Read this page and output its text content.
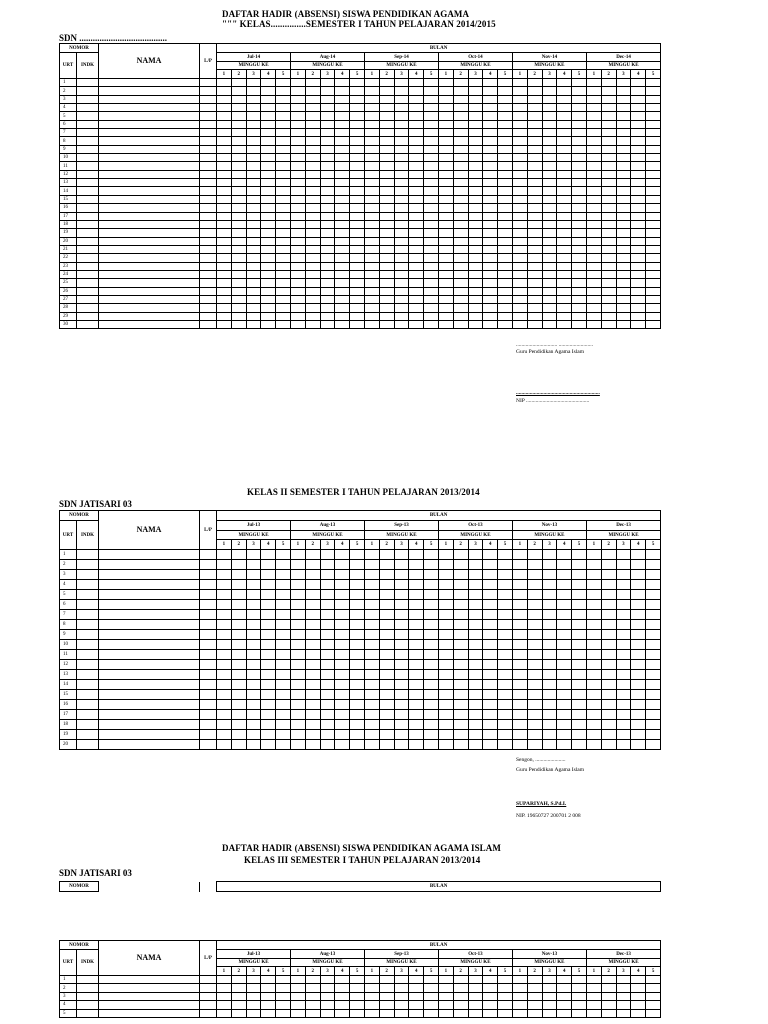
DAFTAR HADIR (ABSENSI) SISWA PENDIDIKAN AGAMA
""" KELAS...............SEMESTER I TAHUN PELAJARAN 2014/2015
SDN .......................................
NOMOR		NAMA	L/P	BULAN																													
URT	INDK			Jul-14					Aug-14					Sep-14					Oct-14					Nov-14					Dec-14				
				MINGGU KE					MINGGU KE					MINGGU KE					MINGGU KE					MINGGU KE					MINGGU KE				
				1	2	3	4	5	1	2	3	4	5	1	2	3	4	5	1	2	3	4	5	1	2	3	4	5	1	2	3	4	5
1																																	
2																																	
3																																	
4																																	
5																																	
6																																	
7																																	
8																																	
9																																	
10																																	
11																																	
12																																	
13																																	
14																																	
15																																	
16																																	
17																																	
18																																	
19																																	
20																																	
21																																	
22																																	
23																																	
24																																	
25																																	
26																																	
27																																	
28																																	
29																																	
30																																	
.............................. .........................
Guru Pendidikan Agama Islam
.............................................................
NIP ..............................................
KELAS II SEMESTER I TAHUN PELAJARAN 2013/2014
SDN JATISARI 03
NOMOR		NAMA	L/P	BULAN																													
URT	INDK			Jul-13					Aug-13					Sep-13					Oct-13					Nov-13					Dec-13				
				MINGGU KE					MINGGU KE					MINGGU KE					MINGGU KE					MINGGU KE					MINGGU KE				
				1	2	3	4	5	1	2	3	4	5	1	2	3	4	5	1	2	3	4	5	1	2	3	4	5	1	2	3	4	5
1																																	
2																																	
3																																	
4																																	
5																																	
6																																	
7																																	
8																																	
9																																	
10																																	
11																																	
12																																	
13																																	
14																																	
15																																	
16																																	
17																																	
18																																	
19																																	
20																																	
Sengon, ......................
Guru Pendidikan Agama Islam
SUPARIYAH, S.Pd.I.
NIP. 19650727 200701 2 008
DAFTAR HADIR (ABSENSI) SISWA PENDIDIKAN AGAMA ISLAM
KELAS III SEMESTER I TAHUN PELAJARAN 2013/2014
SDN JATISARI 03
NOMOR			BULAN
NOMOR		NAMA	L/P	BULAN																													
URT	INDK			Jul-13					Aug-13					Sep-13					Oct-13					Nov-13					Dec-13				
				MINGGU KE					MINGGU KE					MINGGU KE					MINGGU KE					MINGGU KE					MINGGU KE				
				1	2	3	4	5	1	2	3	4	5	1	2	3	4	5	1	2	3	4	5	1	2	3	4	5	1	2	3	4	5
1																																	
2																																	
3																																	
4																																	
5																																	
